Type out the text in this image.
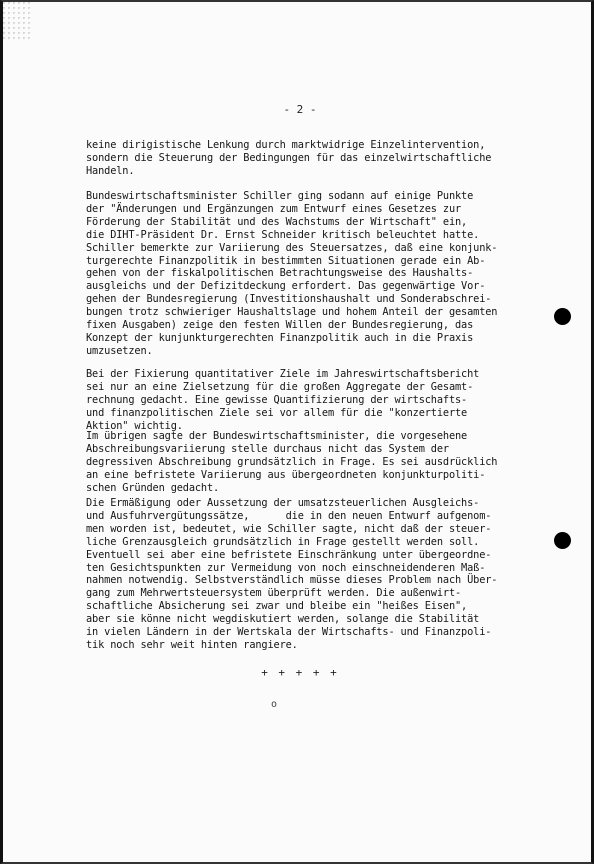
- 2 -
keine dirigistische Lenkung durch marktwidrige Einzelintervention,
sondern die Steuerung der Bedingungen für das einzelwirtschaftliche
Handeln.
Bundeswirtschaftsminister Schiller ging sodann auf einige Punkte
der "Änderungen und Ergänzungen zum Entwurf eines Gesetzes zur
Förderung der Stabilität und des Wachstums der Wirtschaft" ein,
die DIHT-Präsident Dr. Ernst Schneider kritisch beleuchtet hatte.
Schiller bemerkte zur Variierung des Steuersatzes, daß eine konjunk-
turgerechte Finanzpolitik in bestimmten Situationen gerade ein Ab-
gehen von der fiskalpolitischen Betrachtungsweise des Haushalts-
ausgleichs und der Defizitdeckung erfordert. Das gegenwärtige Vor-
gehen der Bundesregierung (Investitionshaushalt und Sonderabschrei-
bungen trotz schwieriger Haushaltslage und hohem Anteil der gesamten
fixen Ausgaben) zeige den festen Willen der Bundesregierung, das
Konzept der kunjunkturgerechten Finanzpolitik auch in die Praxis
umzusetzen.
Bei der Fixierung quantitativer Ziele im Jahreswirtschaftsbericht
sei nur an eine Zielsetzung für die großen Aggregate der Gesamt-
rechnung gedacht. Eine gewisse Quantifizierung der wirtschafts-
und finanzpolitischen Ziele sei vor allem für die "konzertierte
Aktion" wichtig.
Im übrigen sagte der Bundeswirtschaftsminister, die vorgesehene
Abschreibungsvariierung stelle durchaus nicht das System der
degressiven Abschreibung grundsätzlich in Frage. Es sei ausdrücklich
an eine befristete Variierung aus übergeordneten konjunkturpoliti-
schen Gründen gedacht.
Die Ermäßigung oder Aussetzung der umsatzsteuerlichen Ausgleichs-
und Ausfuhrvergütungssätze,      die in den neuen Entwurf aufgenom-
men worden ist, bedeutet, wie Schiller sagte, nicht daß der steuer-
liche Grenzausgleich grundsätzlich in Frage gestellt werden soll.
Eventuell sei aber eine befristete Einschränkung unter übergeordne-
ten Gesichtspunkten zur Vermeidung von noch einschneidenderen Maß-
nahmen notwendig. Selbstverständlich müsse dieses Problem nach Über-
gang zum Mehrwertsteuersystem überprüft werden. Die außenwirt-
schaftliche Absicherung sei zwar und bleibe ein "heißes Eisen",
aber sie könne nicht wegdiskutiert werden, solange die Stabilität
in vielen Ländern in der Wertskala der Wirtschafts- und Finanzpoli-
tik noch sehr weit hinten rangiere.
+ + + + +
o
